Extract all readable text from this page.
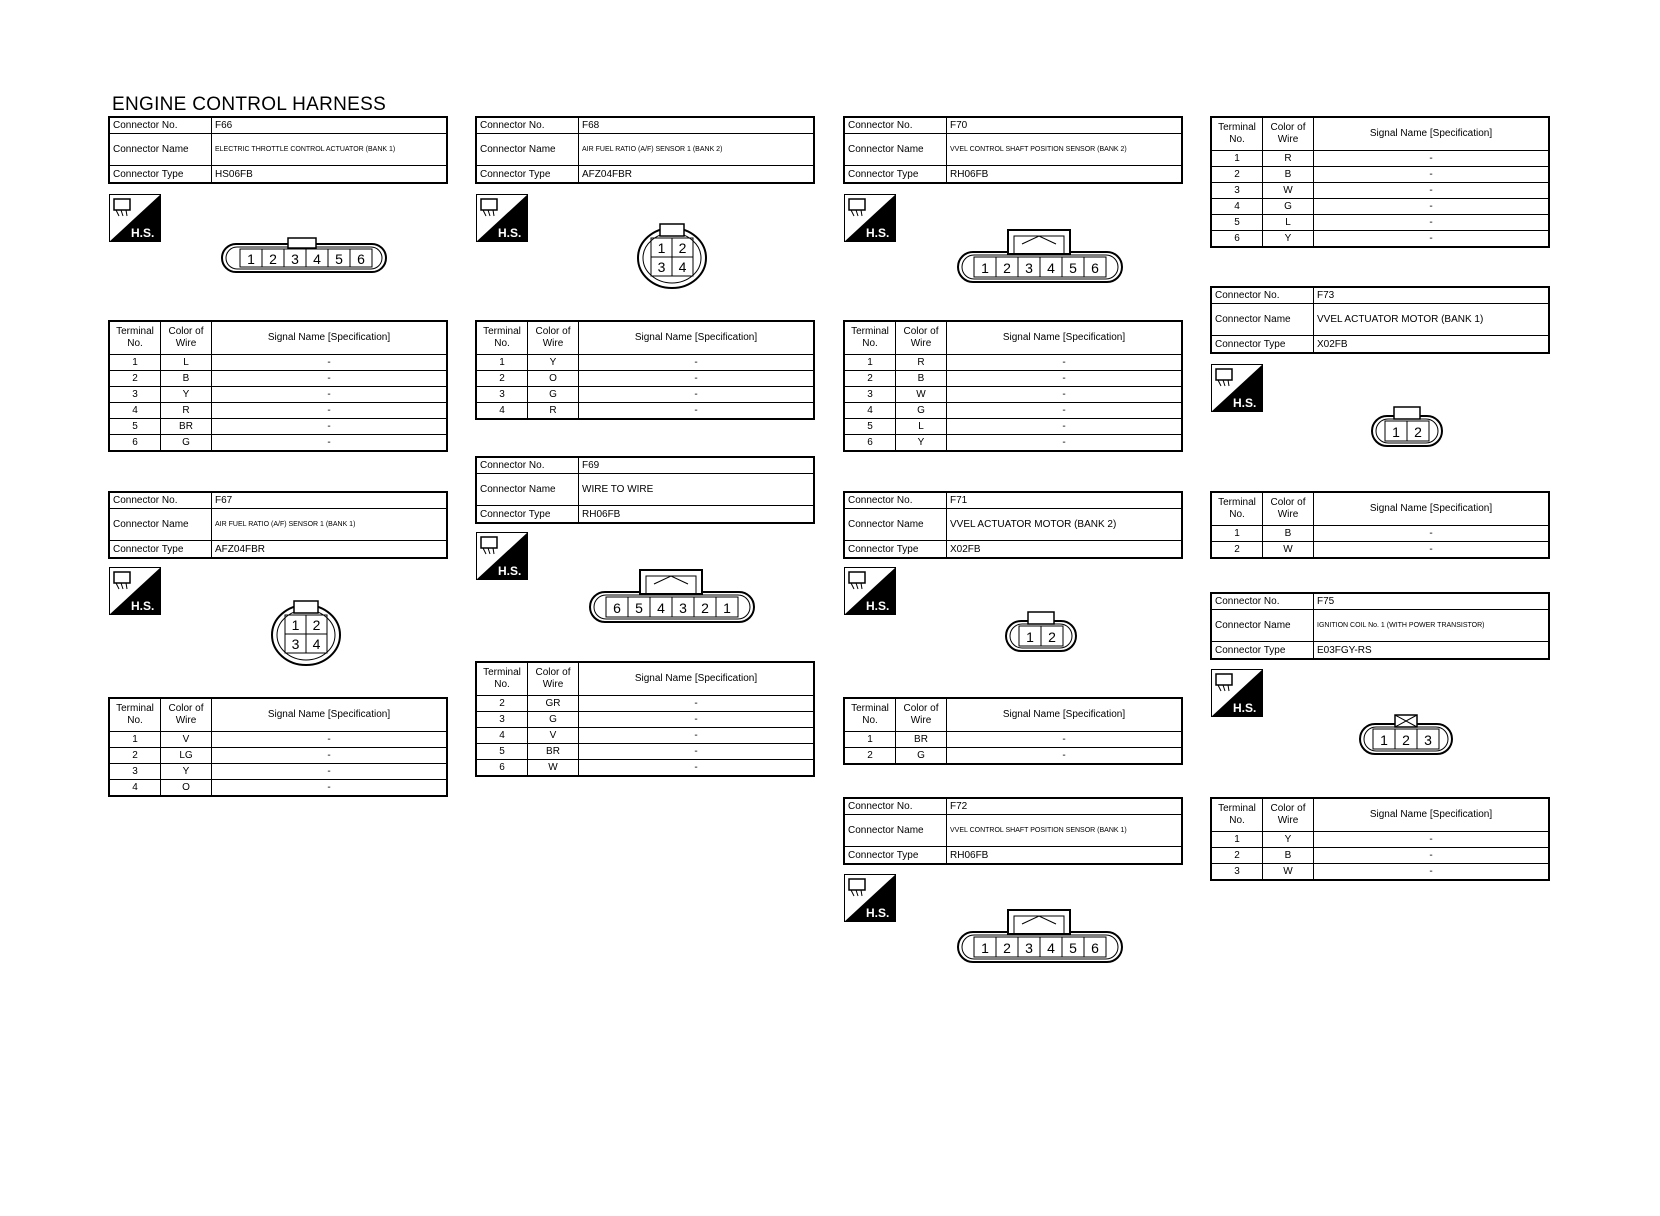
ENGINE CONTROL HARNESS
Connector No.	F66
Connector Name	ELECTRIC THROTTLE CONTROL ACTUATOR (BANK 1)
Connector Type	HS06FB
H.S.
1 2 3 4 5 6
Terminal No.	Color of Wire	Signal Name [Specification]
1	L	-
2	B	-
3	Y	-
4	R	-
5	BR	-
6	G	-
Connector No.	F67
Connector Name	AIR FUEL RATIO (A/F) SENSOR 1 (BANK 1)
Connector Type	AFZ04FBR
H.S.
1 2
3 4
Terminal No.	Color of Wire	Signal Name [Specification]
1	V	-
2	LG	-
3	Y	-
4	O	-
Connector No.	F68
Connector Name	AIR FUEL RATIO (A/F) SENSOR 1 (BANK 2)
Connector Type	AFZ04FBR
H.S.
1 2
3 4
Terminal No.	Color of Wire	Signal Name [Specification]
1	Y	-
2	O	-
3	G	-
4	R	-
Connector No.	F69
Connector Name	WIRE TO WIRE
Connector Type	RH06FB
H.S.
6 5 4 3 2 1
Terminal No.	Color of Wire	Signal Name [Specification]
2	GR	-
3	G	-
4	V	-
5	BR	-
6	W	-
Connector No.	F70
Connector Name	VVEL CONTROL SHAFT POSITION SENSOR (BANK 2)
Connector Type	RH06FB
H.S.
1 2 3 4 5 6
Terminal No.	Color of Wire	Signal Name [Specification]
1	R	-
2	B	-
3	W	-
4	G	-
5	L	-
6	Y	-
Connector No.	F71
Connector Name	VVEL ACTUATOR MOTOR (BANK 2)
Connector Type	X02FB
H.S.
1 2
Terminal No.	Color of Wire	Signal Name [Specification]
1	BR	-
2	G	-
Connector No.	F72
Connector Name	VVEL CONTROL SHAFT POSITION SENSOR (BANK 1)
Connector Type	RH06FB
H.S.
1 2 3 4 5 6
Terminal No.	Color of Wire	Signal Name [Specification]
1	R	-
2	B	-
3	W	-
4	G	-
5	L	-
6	Y	-
Connector No.	F73
Connector Name	VVEL ACTUATOR MOTOR (BANK 1)
Connector Type	X02FB
H.S.
1 2
Terminal No.	Color of Wire	Signal Name [Specification]
1	B	-
2	W	-
Connector No.	F75
Connector Name	IGNITION COIL No. 1 (WITH POWER TRANSISTOR)
Connector Type	E03FGY-RS
H.S.
1 2 3
Terminal No.	Color of Wire	Signal Name [Specification]
1	Y	-
2	B	-
3	W	-
